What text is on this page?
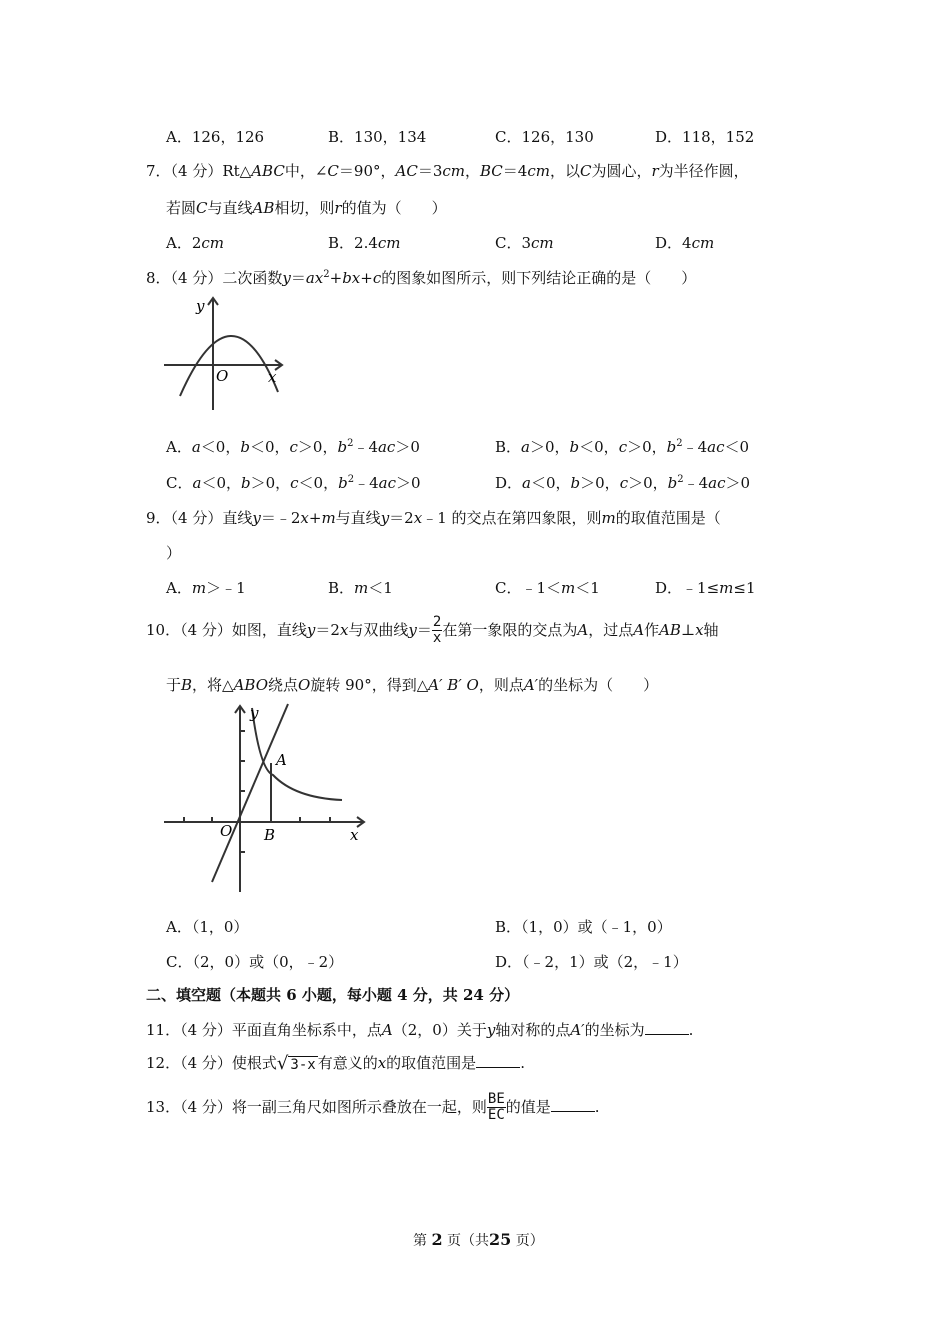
A．126，126	B．130，134	C．126，130	D．118，152
7．（4 分）Rt△ABC中，∠C＝90°，AC＝3cm，BC＝4cm，以C为圆心，r为半径作圆，
若圆C与直线AB相切，则r的值为（　　）
A．2cm	B．2.4cm	C．3cm	D．4cm
8．（4 分）二次函数$y=ax^2+bx+c$的图象如图所示，则下列结论正确的是（　　）
y
x
O
A．a＜0，b＜0，c＞0，$b^2﹣4ac>0$	B．a＞0，b＜0，c＞0，$b^2﹣4ac<0$
C．a＜0，b＞0，c＜0，$b^2﹣4ac>0$	D．a＜0，b＞0，c＞0，$b^2﹣4ac>0$
9．（4 分）直线y＝﹣2x+m与直线y＝2x﹣1 的交点在第四象限，则m的取值范围是（
）
A．m＞﹣1	B．m＜1	C．﹣1＜m＜1	D．﹣1≤m≤1
10．（4 分）如图，直线y＝2x与双曲线$y= \frac{2}{x}$ 在第一象限的交点为A，过点A作AB⊥x轴
于B，将△ABO绕点O旋转 90°，得到△A′ B′ O，则点A′的坐标为（　　）
y
x
O
A
B
A．（1，0）	B．（1，0）或（﹣1，0）
C．（2，0）或（0，﹣2）	D．（﹣2，1）或（2，﹣1）
二、填空题（本题共 6 小题，每小题 4 分，共 24 分）
11．（4 分）平面直角坐标系中，点A（2，0）关于y轴对称的点A′的坐标为	.
12．（4 分）使根式√ 3-x 有意义的x的取值范围是	.
13．（4 分）将一副三角尺如图所示叠放在一起，则 $\frac{BE}{EC}$ 的值是	.
第 2 页（共25 页）
